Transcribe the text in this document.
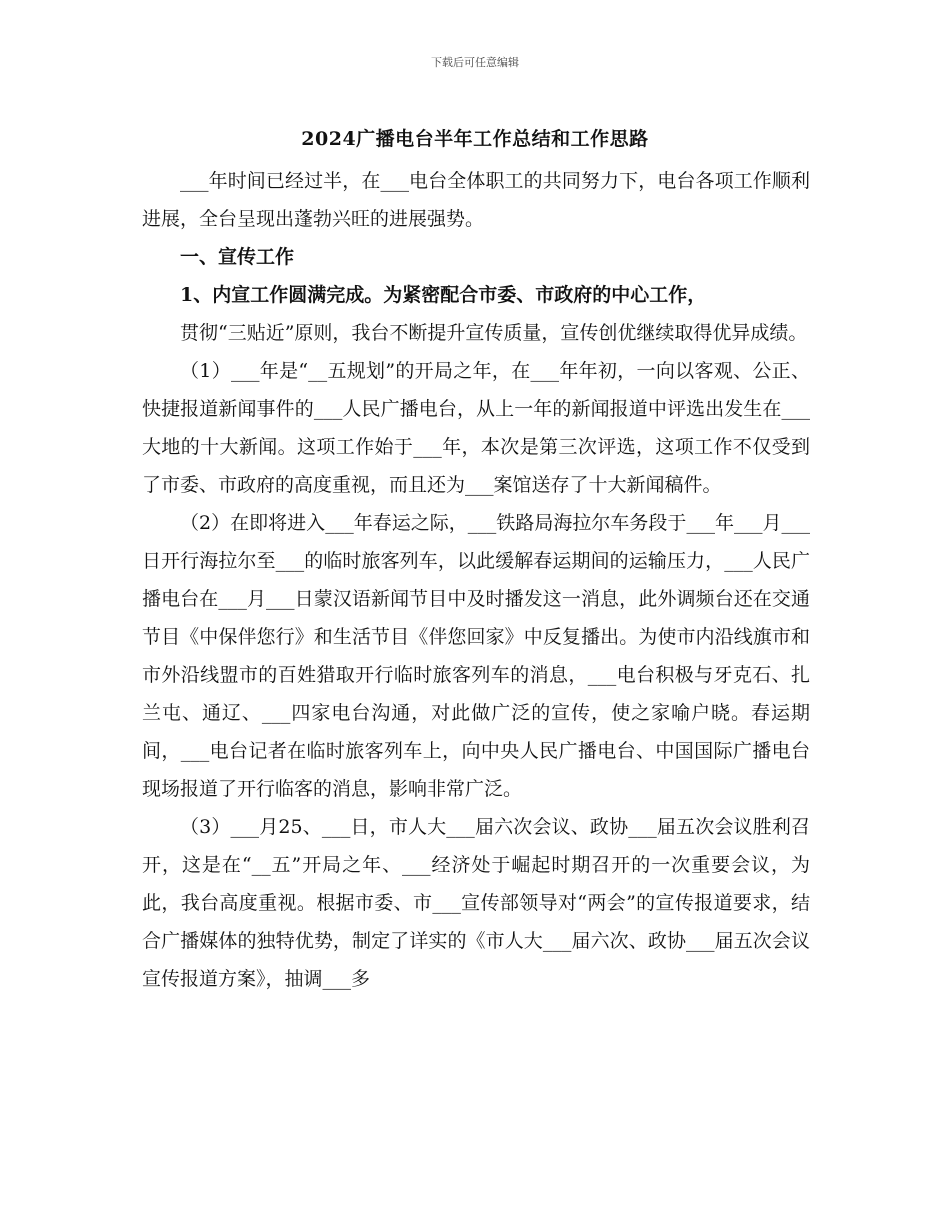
下载后可任意编辑
2024广播电台半年工作总结和工作思路

___年时间已经过半，在___电台全体职工的共同努力下，电台各项工作顺利进展，全台呈现出蓬勃兴旺的进展强势。

一、宣传工作

1、内宣工作圆满完成。为紧密配合市委、市政府的中心工作，

贯彻“三贴近”原则，我台不断提升宣传质量，宣传创优继续取得优异成绩。

（1）___年是“__五规划”的开局之年，在___年年初，一向以客观、公正、快捷报道新闻事件的___人民广播电台，从上一年的新闻报道中评选出发生在___大地的十大新闻。这项工作始于___年，本次是第三次评选，这项工作不仅受到了市委、市政府的高度重视，而且还为___案馆送存了十大新闻稿件。

（2）在即将进入___年春运之际，___铁路局海拉尔车务段于___年___月___日开行海拉尔至___的临时旅客列车，以此缓解春运期间的运输压力，___人民广播电台在___月___日蒙汉语新闻节目中及时播发这一消息，此外调频台还在交通节目《中保伴您行》和生活节目《伴您回家》中反复播出。为使市内沿线旗市和市外沿线盟市的百姓猎取开行临时旅客列车的消息，___电台积极与牙克石、扎兰屯、通辽、___四家电台沟通，对此做广泛的宣传，使之家喻户晓。春运期间，___电台记者在临时旅客列车上，向中央人民广播电台、中国国际广播电台现场报道了开行临客的消息，影响非常广泛。

（3）___月25、___日，市人大___届六次会议、政协___届五次会议胜利召开，这是在“__五”开局之年、___经济处于崛起时期召开的一次重要会议，为此，我台高度重视。根据市委、市___宣传部领导对“两会”的宣传报道要求，结合广播媒体的独特优势，制定了详实的《市人大___届六次、政协___届五次会议宣传报道方案》，抽调___多
